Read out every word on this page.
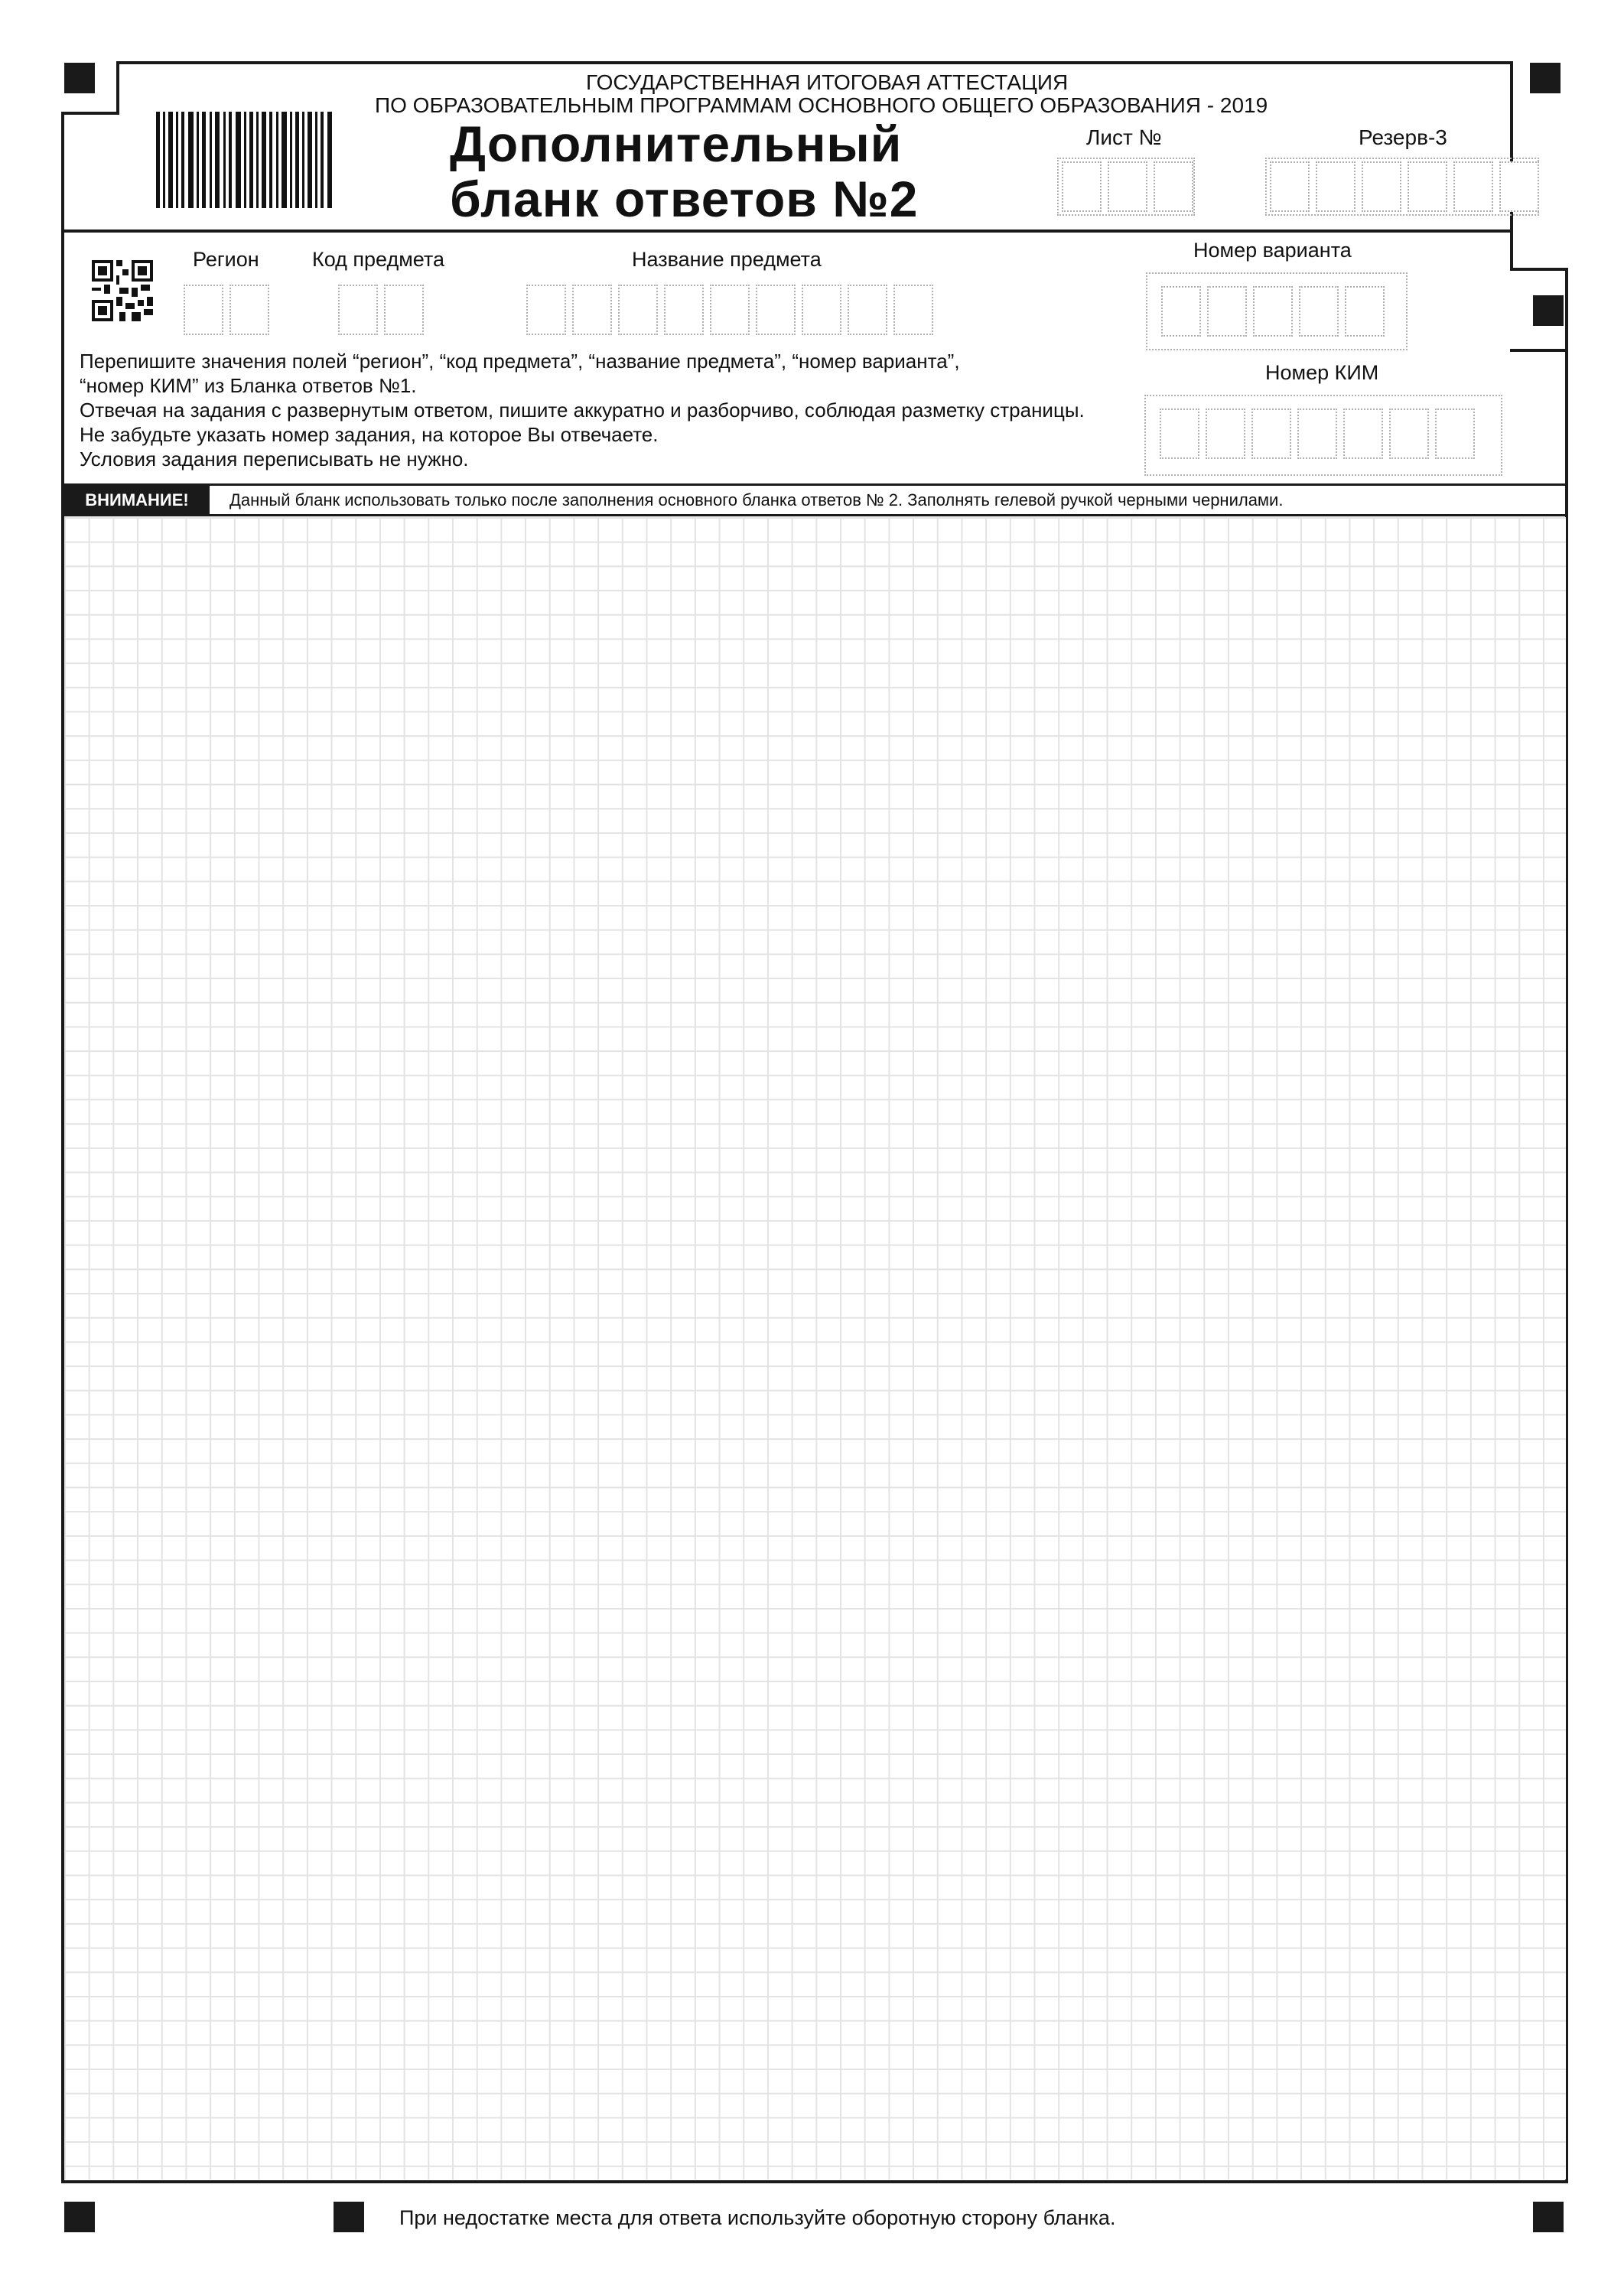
ГОСУДАРСТВЕННАЯ ИТОГОВАЯ АТТЕСТАЦИЯ
ПО ОБРАЗОВАТЕЛЬНЫМ ПРОГРАММАМ ОСНОВНОГО ОБЩЕГО ОБРАЗОВАНИЯ - 2019
Дополнительный
бланк ответов №2
Лист №	Резерв-3
Регион	Код предмета	Название предмета	Номер варианта
Номер КИМ
Перепишите значения полей “регион”, “код предмета”, “название предмета”, “номер варианта”,
“номер КИМ” из Бланка ответов №1.
Отвечая на задания с развернутым ответом, пишите аккуратно и разборчиво, соблюдая разметку страницы.
Не забудьте указать номер задания, на которое Вы отвечаете.
Условия задания переписывать не нужно.
ВНИМАНИЕ!	Данный бланк использовать только после заполнения основного бланка ответов № 2. Заполнять гелевой ручкой черными чернилами.
При недостатке места для ответа используйте оборотную сторону бланка.
